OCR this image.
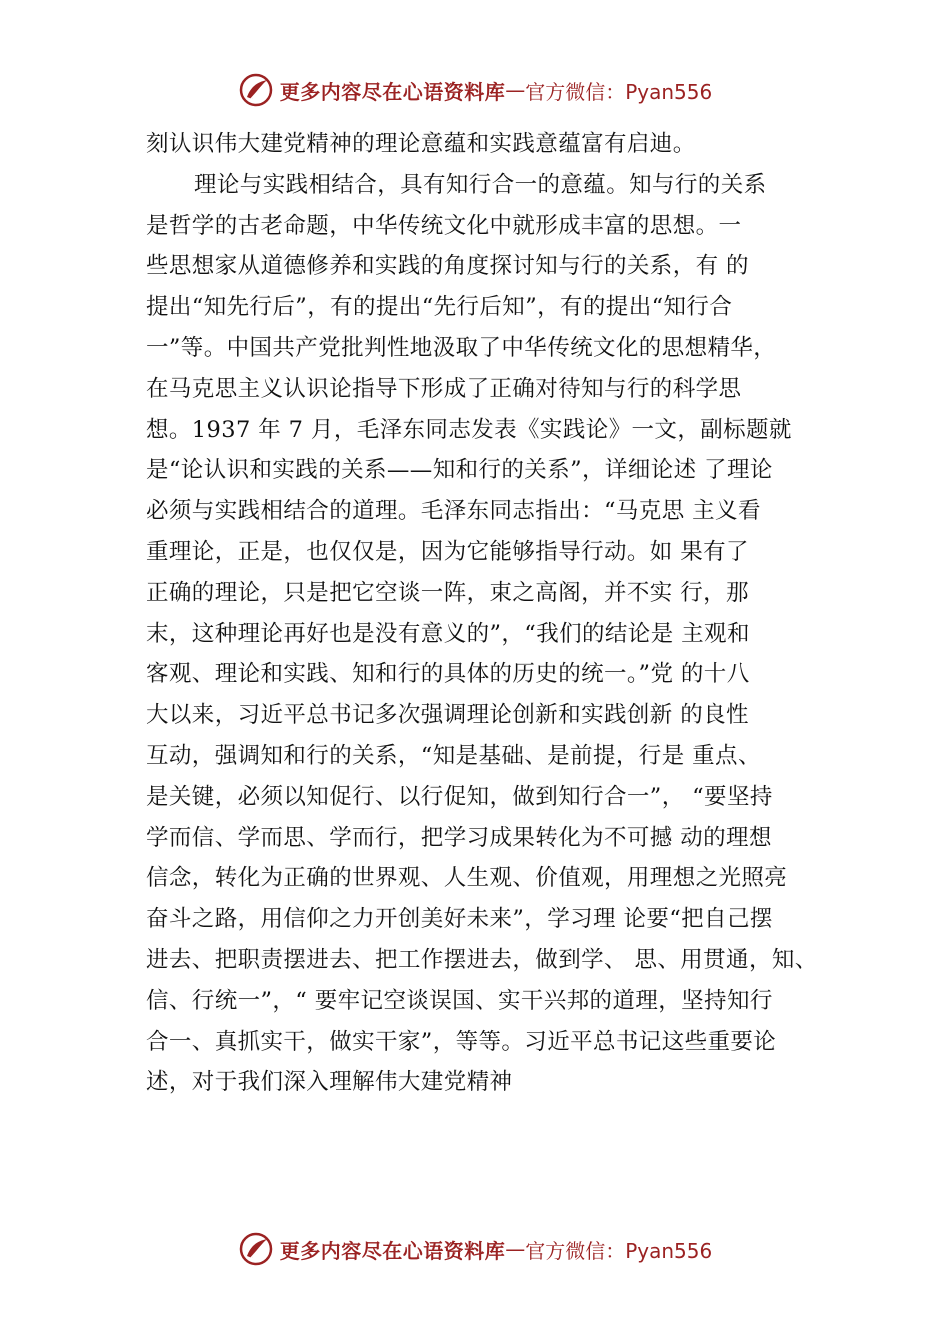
更多内容尽在心语资料库 — 官方微信：Pyan556
刻认识伟大建党精神的理论意蕴和实践意蕴富有启迪。
理论与实践相结合，具有知行合一的意蕴。知与行的关系
是哲学的古老命题，中华传统文化中就形成丰富的思想。一
些思想家从道德修养和实践的角度探讨知与行的关系，有 的
提出“知先行后”，有的提出“先行后知”，有的提出“知行合
一”等。中国共产党批判性地汲取了中华传统文化的思想精华，
在马克思主义认识论指导下形成了正确对待知与行的科学思
想。1937 年 7 月，毛泽东同志发表《实践论》一文，副标题就
是“论认识和实践的关系——知和行的关系”，详细论述 了理论
必须与实践相结合的道理。毛泽东同志指出：“马克思 主义看
重理论，正是，也仅仅是，因为它能够指导行动。如 果有了
正确的理论，只是把它空谈一阵，束之高阁，并不实 行，那
末，这种理论再好也是没有意义的”，“我们的结论是 主观和
客观、理论和实践、知和行的具体的历史的统一。”党 的十八
大以来，习近平总书记多次强调理论创新和实践创新 的良性
互动，强调知和行的关系，“知是基础、是前提，行是 重点、
是关键，必须以知促行、以行促知，做到知行合一”， “要坚持
学而信、学而思、学而行，把学习成果转化为不可撼 动的理想
信念，转化为正确的世界观、人生观、价值观，用理想之光照亮
奋斗之路，用信仰之力开创美好未来”，学习理 论要“把自己摆
进去、把职责摆进去、把工作摆进去，做到学、 思、用贯通，知、
信、行统一”，“ 要牢记空谈误国、实干兴邦的道理，坚持知行
合一、真抓实干，做实干家”，等等。习近平总书记这些重要论
述，对于我们深入理解伟大建党精神
更多内容尽在心语资料库 — 官方微信：Pyan556
